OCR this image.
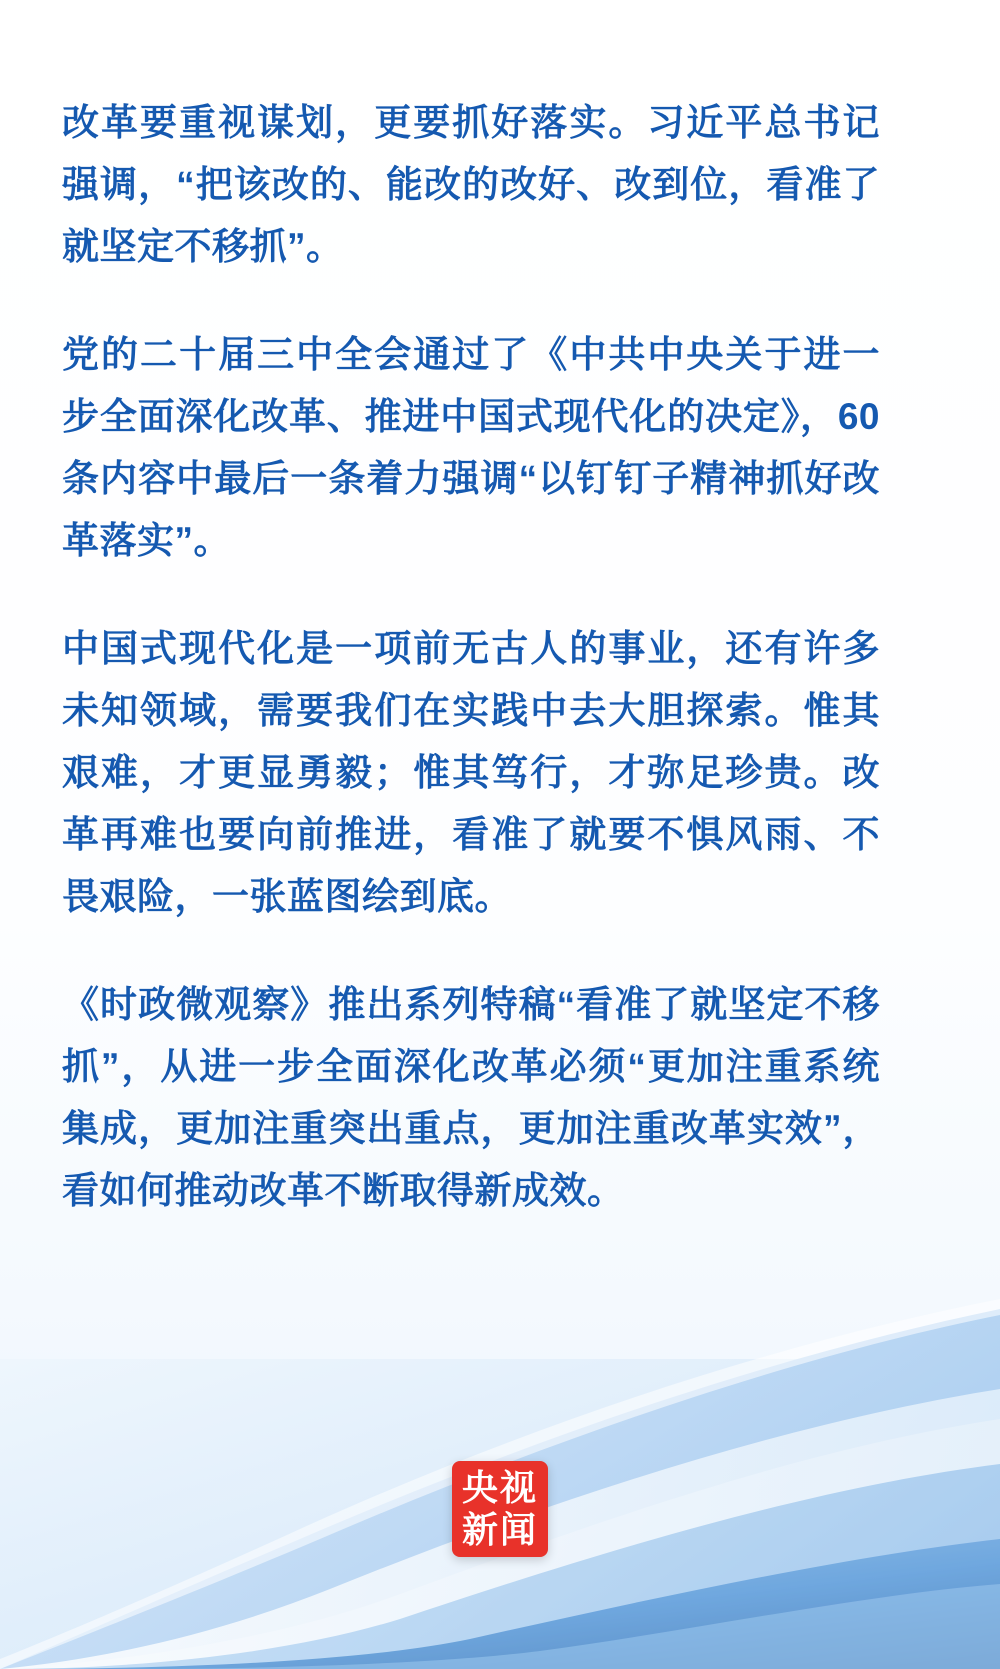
改革要重视谋划，更要抓好落实。习近平总书记强调，“把该改的、能改的改好、改到位，看准了就坚定不移抓”。

党的二十届三中全会通过了《中共中央关于进一步全面深化改革、推进中国式现代化的决定》，60条内容中最后一条着力强调“以钉钉子精神抓好改革落实”。

中国式现代化是一项前无古人的事业，还有许多未知领域，需要我们在实践中去大胆探索。惟其艰难，才更显勇毅；惟其笃行，才弥足珍贵。改革再难也要向前推进，看准了就要不惧风雨、不畏艰险，一张蓝图绘到底。

《时政微观察》推出系列特稿“看准了就坚定不移抓”，从进一步全面深化改革必须“更加注重系统集成，更加注重突出重点，更加注重改革实效”，看如何推动改革不断取得新成效。

央视
新闻
